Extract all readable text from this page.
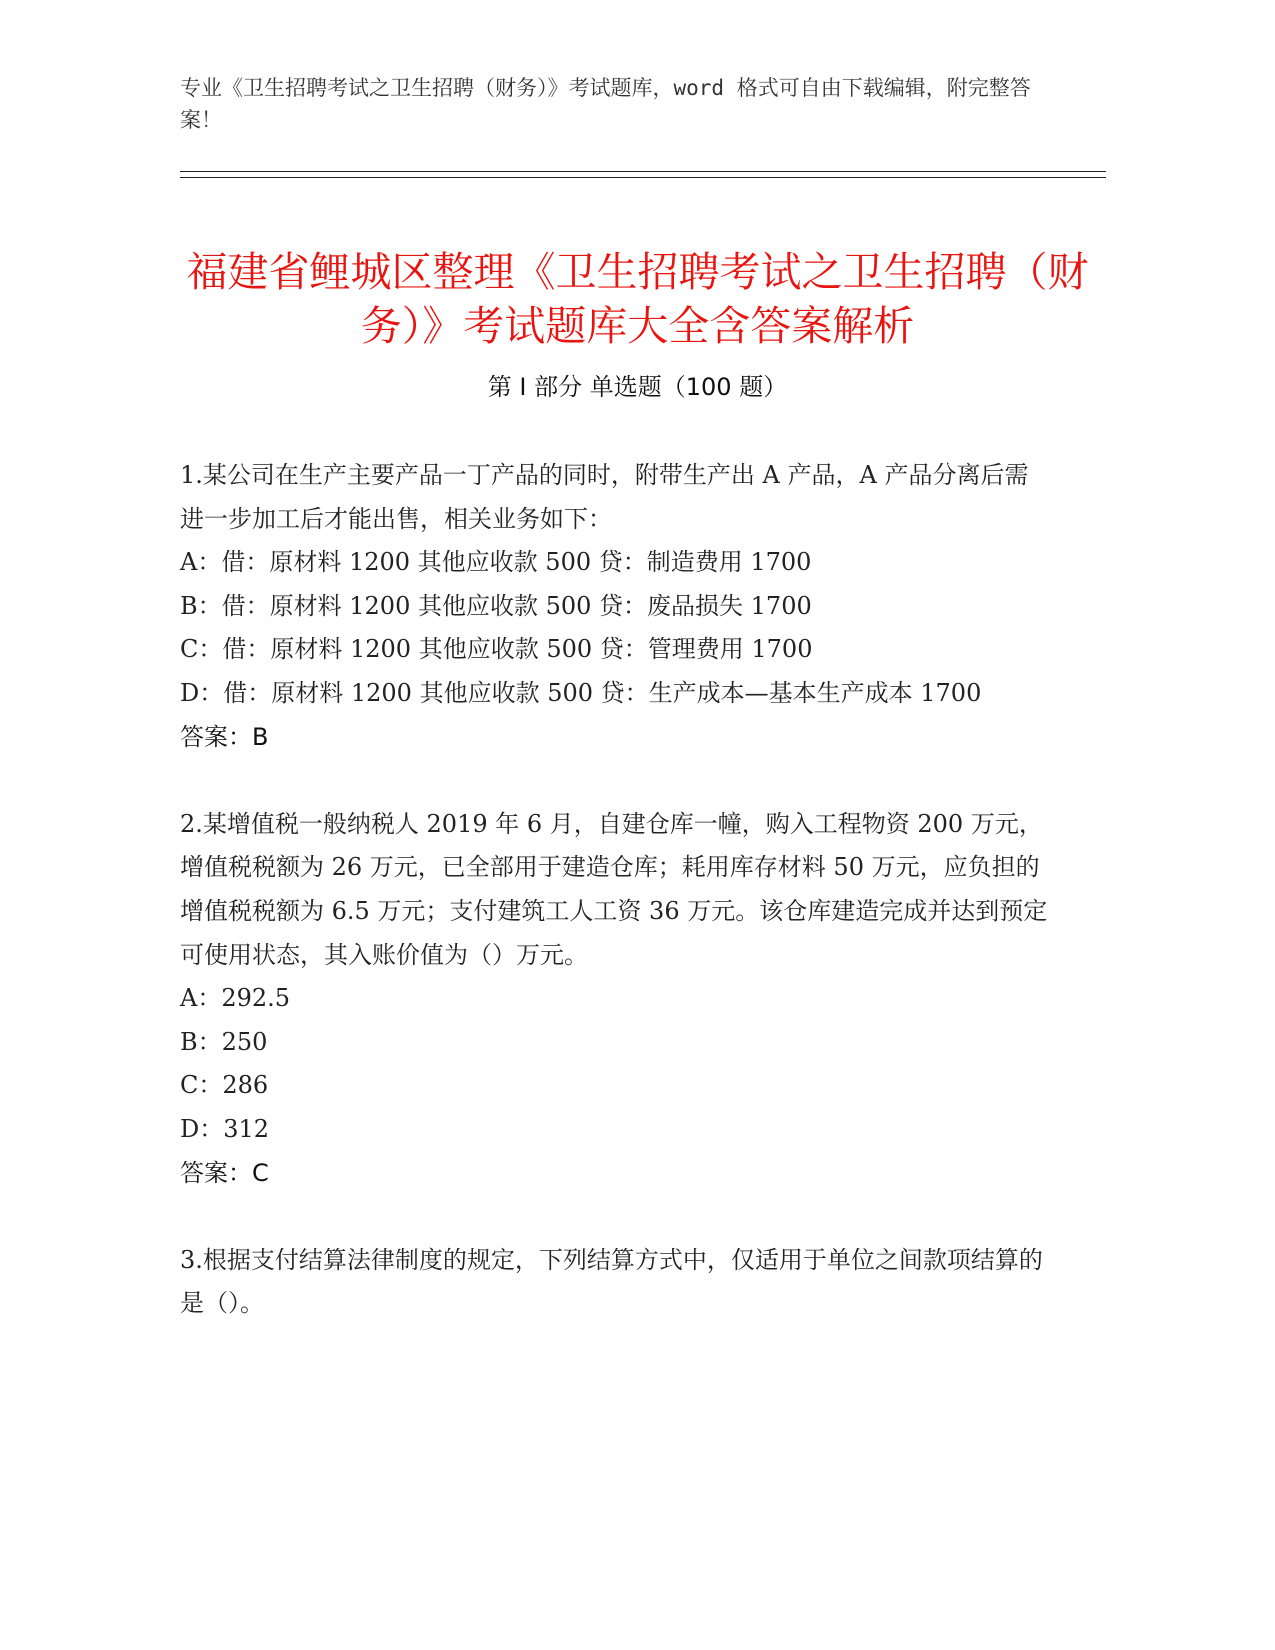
专业《卫生招聘考试之卫生招聘（财务）》考试题库，word 格式可自由下载编辑，附完整答案！
福建省鲤城区整理《卫生招聘考试之卫生招聘（财务）》考试题库大全含答案解析
第 I 部分 单选题（100 题）

1.某公司在生产主要产品一丁产品的同时，附带生产出 A 产品，A 产品分离后需进一步加工后才能出售，相关业务如下：

A：借：原材料 1200 其他应收款 500 贷：制造费用 1700

B：借：原材料 1200 其他应收款 500 贷：废品损失 1700

C：借：原材料 1200 其他应收款 500 贷：管理费用 1700

D：借：原材料 1200 其他应收款 500 贷：生产成本—基本生产成本 1700

答案：B

2.某增值税一般纳税人 2019 年 6 月，自建仓库一幢，购入工程物资 200 万元，增值税税额为 26 万元，已全部用于建造仓库；耗用库存材料 50 万元，应负担的增值税税额为 6.5 万元；支付建筑工人工资 36 万元。该仓库建造完成并达到预定可使用状态，其入账价值为（）万元。

A：292.5

B：250

C：286

D：312

答案：C

3.根据支付结算法律制度的规定，下列结算方式中，仅适用于单位之间款项结算的是（）。
